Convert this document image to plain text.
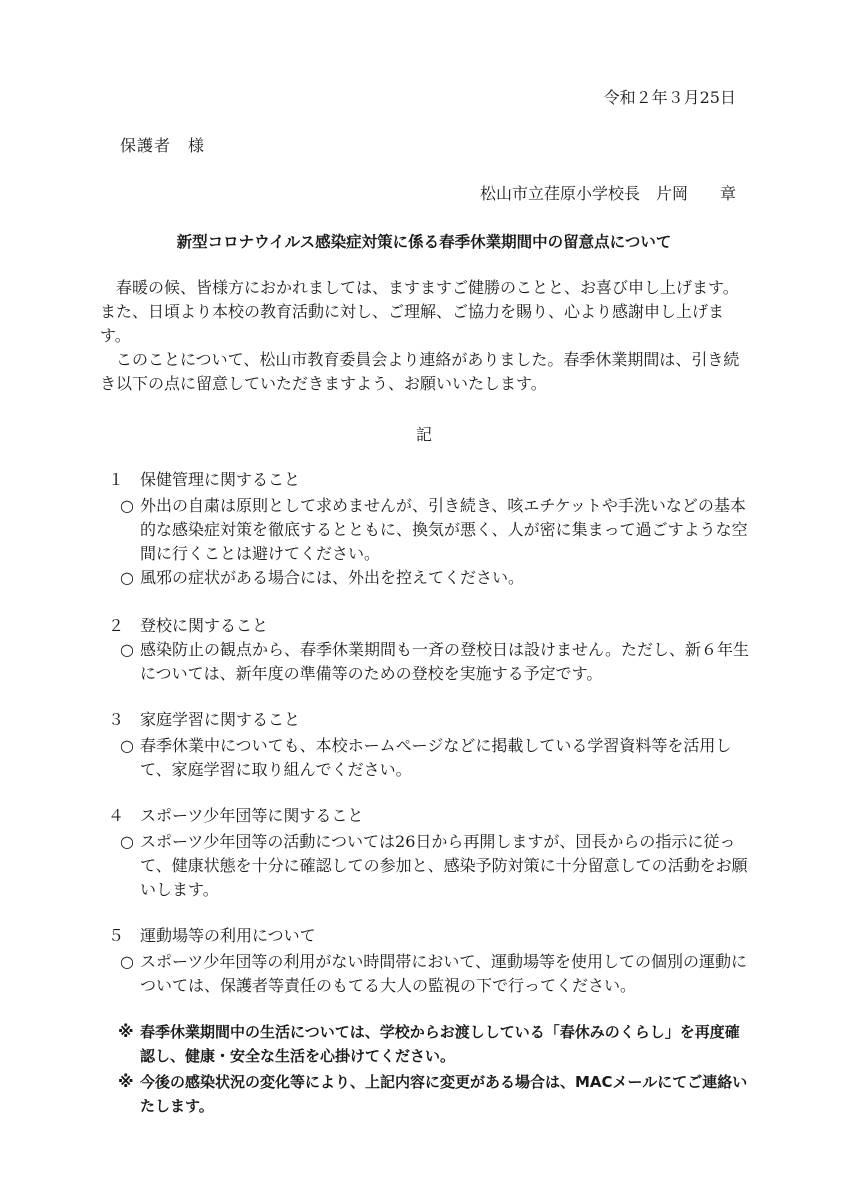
令和２年３月25日
保護者　様
松山市立荏原小学校長　片岡　　章
新型コロナウイルス感染症対策に係る春季休業期間中の留意点について
春暖の候、皆様方におかれましては、ますますご健勝のことと、お喜び申し上げます。また、日頃より本校の教育活動に対し、ご理解、ご協力を賜り、心より感謝申し上げます。
このことについて、松山市教育委員会より連絡がありました。春季休業期間は、引き続き以下の点に留意していただきますよう、お願いいたします。
記
１　保健管理に関すること
○ 外出の自粛は原則として求めませんが、引き続き、咳エチケットや手洗いなどの基本的な感染症対策を徹底するとともに、換気が悪く、人が密に集まって過ごすような空間に行くことは避けてください。
○ 風邪の症状がある場合には、外出を控えてください。
２　登校に関すること
○ 感染防止の観点から、春季休業期間も一斉の登校日は設けません。ただし、新６年生については、新年度の準備等のための登校を実施する予定です。
３　家庭学習に関すること
○ 春季休業中についても、本校ホームページなどに掲載している学習資料等を活用して、家庭学習に取り組んでください。
４　スポーツ少年団等に関すること
○ スポーツ少年団等の活動については26日から再開しますが、団長からの指示に従って、健康状態を十分に確認しての参加と、感染予防対策に十分留意しての活動をお願いします。
５　運動場等の利用について
○ スポーツ少年団等の利用がない時間帯において、運動場等を使用しての個別の運動については、保護者等責任のもてる大人の監視の下で行ってください。
※ 春季休業期間中の生活については、学校からお渡ししている「春休みのくらし」を再度確認し、健康・安全な生活を心掛けてください。
※ 今後の感染状況の変化等により、上記内容に変更がある場合は、MACメールにてご連絡いたします。
